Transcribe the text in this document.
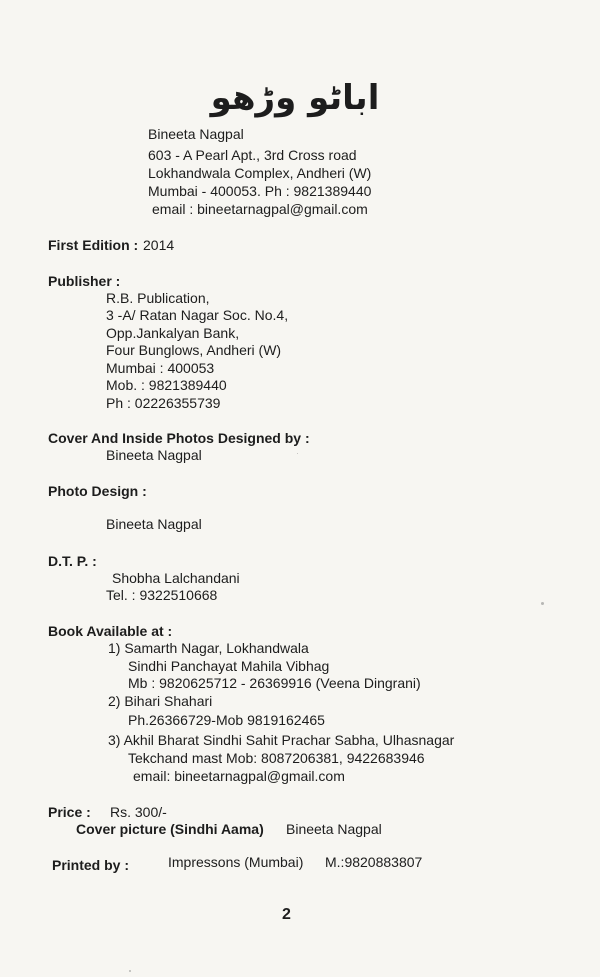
اباٹو وڑھو
Bineeta Nagpal
603 - A Pearl Apt., 3rd Cross road
Lokhandwala Complex, Andheri (W)
Mumbai - 400053. Ph : 9821389440
email : bineetarnagpal@gmail.com
First Edition : 2014
Publisher :
R.B. Publication,
3 -A/ Ratan Nagar Soc. No.4,
Opp.Jankalyan Bank,
Four Bunglows, Andheri (W)
Mumbai : 400053
Mob. : 9821389440
Ph : 02226355739
Cover And Inside Photos Designed by :
Bineeta Nagpal
Photo Design :
Bineeta Nagpal
D.T. P. :
Shobha Lalchandani
Tel. : 9322510668
Book Available at :
1) Samarth Nagar, Lokhandwala
Sindhi Panchayat Mahila Vibhag
Mb : 9820625712 - 26369916 (Veena Dingrani)
2) Bihari Shahari
Ph.26366729-Mob 9819162465
3) Akhil Bharat Sindhi Sahit Prachar Sabha, Ulhasnagar
Tekchand mast Mob: 8087206381, 9422683946
email: bineetarnagpal@gmail.com
Price : Rs. 300/-
Cover picture (Sindhi Aama) Bineeta Nagpal
Printed by :	Impressons (Mumbai) M.:9820883807
2
